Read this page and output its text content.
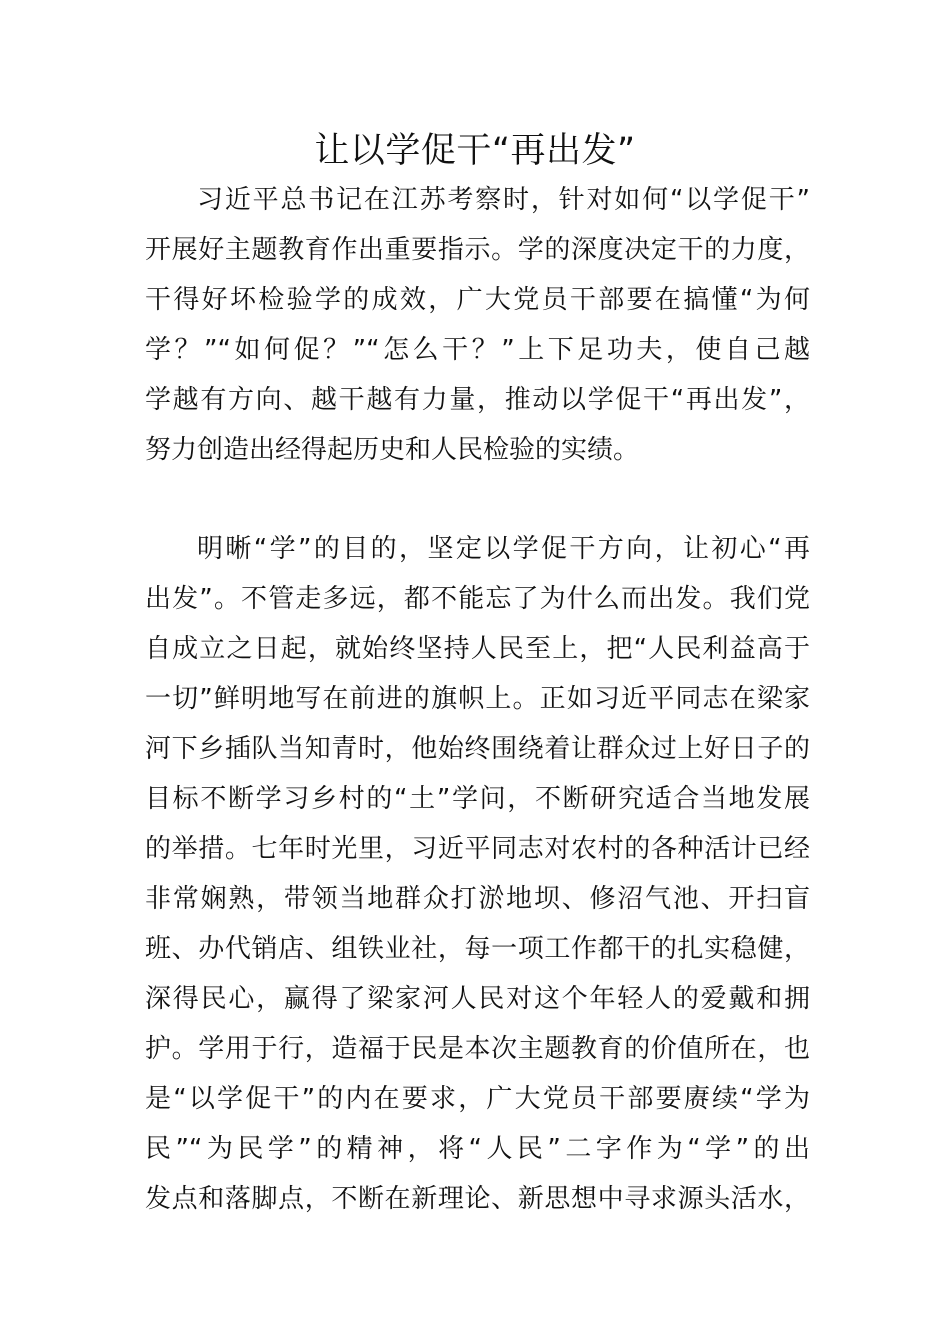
让以学促干“再出发”
习近平总书记在江苏考察时，针对如何“以学促干”
开展好主题教育作出重要指示。学的深度决定干的力度，
干得好坏检验学的成效，广大党员干部要在搞懂“为何
学？”“如何促？”“怎么干？”上下足功夫，使自己越
学越有方向、越干越有力量，推动以学促干“再出发”，
努力创造出经得起历史和人民检验的实绩。
明晰“学”的目的，坚定以学促干方向，让初心“再
出发”。不管走多远，都不能忘了为什么而出发。我们党
自成立之日起，就始终坚持人民至上，把“人民利益高于
一切”鲜明地写在前进的旗帜上。正如习近平同志在梁家
河下乡插队当知青时，他始终围绕着让群众过上好日子的
目标不断学习乡村的“土”学问，不断研究适合当地发展
的举措。七年时光里，习近平同志对农村的各种活计已经
非常娴熟，带领当地群众打淤地坝、修沼气池、开扫盲
班、办代销店、组铁业社，每一项工作都干的扎实稳健，
深得民心，赢得了梁家河人民对这个年轻人的爱戴和拥
护。学用于行，造福于民是本次主题教育的价值所在，也
是“以学促干”的内在要求，广大党员干部要赓续“学为
民”“为民学”的精神，将“人民”二字作为“学”的出
发点和落脚点，不断在新理论、新思想中寻求源头活水，
